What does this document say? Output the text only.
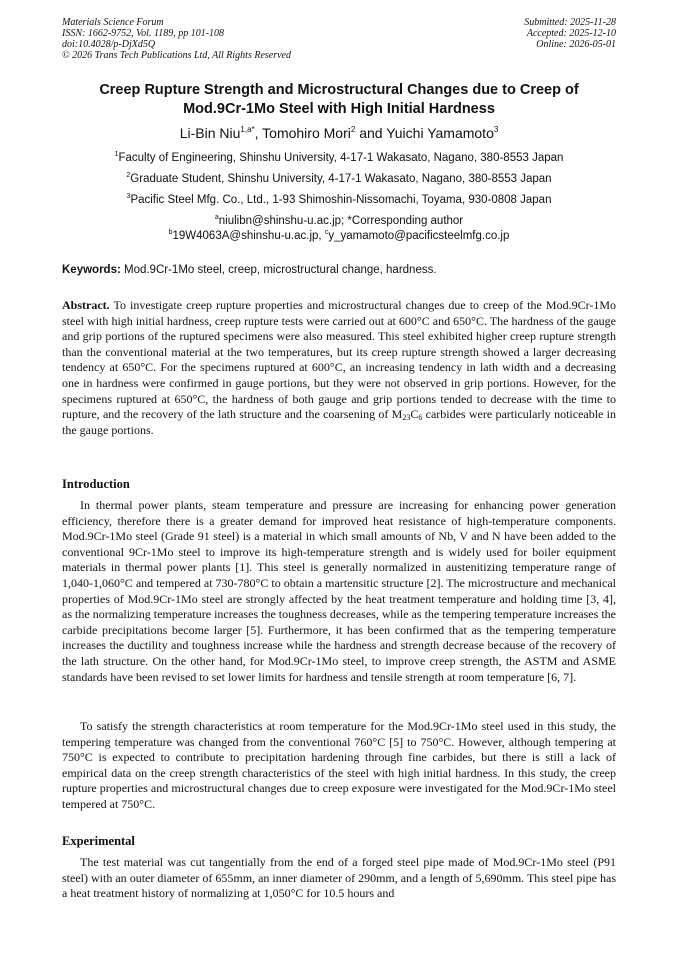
Materials Science Forum
ISSN: 1662-9752, Vol. 1189, pp 101-108
doi:10.4028/p-DjXd5Q
© 2026 Trans Tech Publications Ltd, All Rights Reserved
Submitted: 2025-11-28
Accepted: 2025-12-10
Online: 2026-05-01
Creep Rupture Strength and Microstructural Changes due to Creep of
Mod.9Cr-1Mo Steel with High Initial Hardness
Li-Bin Niu$^{1,a*}$, Tomohiro Mori$^2$ and Yuichi Yamamoto$^3$
$^1$Faculty of Engineering, Shinshu University, 4-17-1 Wakasato, Nagano, 380-8553 Japan
$^2$Graduate Student, Shinshu University, 4-17-1 Wakasato, Nagano, 380-8553 Japan
$^3$Pacific Steel Mfg. Co., Ltd., 1-93 Shimoshin-Nissomachi, Toyama, 930-0808 Japan
$^a$niulibn@shinshu-u.ac.jp; *Corresponding author
$^b$19W4063A@shinshu-u.ac.jp, $^c$y_yamamoto@pacificsteelmfg.co.jp
Keywords: Mod.9Cr-1Mo steel, creep, microstructural change, hardness.
Abstract. To investigate creep rupture properties and microstructural changes due to creep of the Mod.9Cr-1Mo steel with high initial hardness, creep rupture tests were carried out at 600°C and 650°C. The hardness of the gauge and grip portions of the ruptured specimens were also measured. This steel exhibited higher creep rupture strength than the conventional material at the two temperatures, but its creep rupture strength showed a larger decreasing tendency at 650°C. For the specimens ruptured at 600°C, an increasing tendency in lath width and a decreasing one in hardness were confirmed in gauge portions, but they were not observed in grip portions. However, for the specimens ruptured at 650°C, the hardness of both gauge and grip portions tended to decrease with the time to rupture, and the recovery of the lath structure and the coarsening of $M_{23}C_6$ carbides were particularly noticeable in the gauge portions.
Introduction
In thermal power plants, steam temperature and pressure are increasing for enhancing power generation efficiency, therefore there is a greater demand for improved heat resistance of high-temperature components. Mod.9Cr-1Mo steel (Grade 91 steel) is a material in which small amounts of Nb, V and N have been added to the conventional 9Cr-1Mo steel to improve its high-temperature strength and is widely used for boiler equipment materials in thermal power plants [1]. This steel is generally normalized in austenitizing temperature range of 1,040-1,060°C and tempered at 730-780°C to obtain a martensitic structure [2]. The microstructure and mechanical properties of Mod.9Cr-1Mo steel are strongly affected by the heat treatment temperature and holding time [3, 4], as the normalizing temperature increases the toughness decreases, while as the tempering temperature increases the carbide precipitations become larger [5]. Furthermore, it has been confirmed that as the tempering temperature increases the ductility and toughness increase while the hardness and strength decrease because of the recovery of the lath structure. On the other hand, for Mod.9Cr-1Mo steel, to improve creep strength, the ASTM and ASME standards have been revised to set lower limits for hardness and tensile strength at room temperature [6, 7].
To satisfy the strength characteristics at room temperature for the Mod.9Cr-1Mo steel used in this study, the tempering temperature was changed from the conventional 760°C [5] to 750°C. However, although tempering at 750°C is expected to contribute to precipitation hardening through fine carbides, but there is still a lack of empirical data on the creep strength characteristics of the steel with high initial hardness. In this study, the creep rupture properties and microstructural changes due to creep exposure were investigated for the Mod.9Cr-1Mo steel tempered at 750°C.
Experimental
The test material was cut tangentially from the end of a forged steel pipe made of Mod.9Cr-1Mo steel (P91 steel) with an outer diameter of 655mm, an inner diameter of 290mm, and a length of 5,690mm. This steel pipe has a heat treatment history of normalizing at 1,050°C for 10.5 hours and
